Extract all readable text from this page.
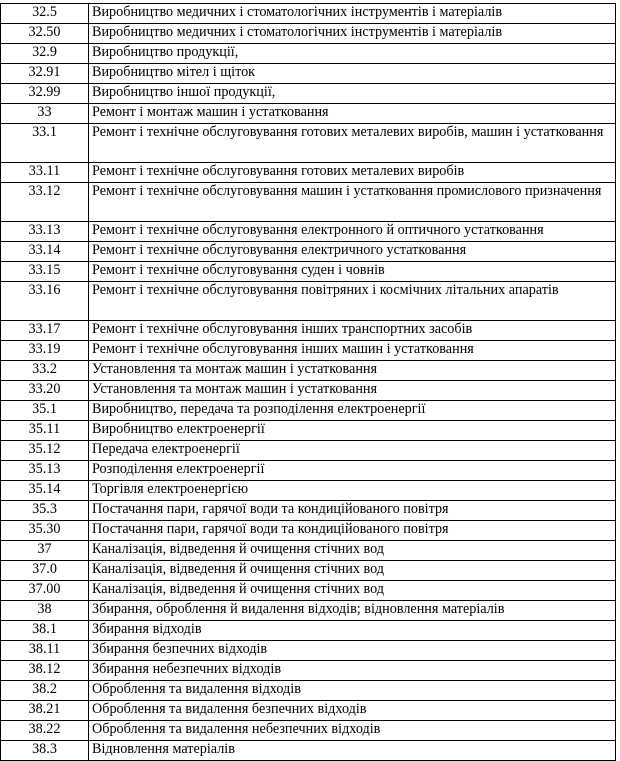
32.5	Виробництво медичних і стоматологічних інструментів і матеріалів
32.50	Виробництво медичних і стоматологічних інструментів і матеріалів
32.9	Виробництво продукції,
32.91	Виробництво мітел і щіток
32.99	Виробництво іншої продукції,
33	Ремонт і монтаж машин і устатковання
33.1	Ремонт і технічне обслуговування готових металевих виробів, машин і устатковання
33.11	Ремонт і технічне обслуговування готових металевих виробів
33.12	Ремонт і технічне обслуговування машин і устатковання промислового призначення
33.13	Ремонт і технічне обслуговування електронного й оптичного устатковання
33.14	Ремонт і технічне обслуговування електричного устатковання
33.15	Ремонт і технічне обслуговування суден і човнів
33.16	Ремонт і технічне обслуговування повітряних і космічних літальних апаратів
33.17	Ремонт і технічне обслуговування інших транспортних засобів
33.19	Ремонт і технічне обслуговування інших машин і устатковання
33.2	Установлення та монтаж машин і устатковання
33.20	Установлення та монтаж машин і устатковання
35.1	Виробництво, передача та розподілення електроенергії
35.11	Виробництво електроенергії
35.12	Передача електроенергії
35.13	Розподілення електроенергії
35.14	Торгівля електроенергією
35.3	Постачання пари, гарячої води та кондиційованого повітря
35.30	Постачання пари, гарячої води та кондиційованого повітря
37	Каналізація, відведення й очищення стічних вод
37.0	Каналізація, відведення й очищення стічних вод
37.00	Каналізація, відведення й очищення стічних вод
38	Збирання, оброблення й видалення відходів; відновлення матеріалів
38.1	Збирання відходів
38.11	Збирання безпечних відходів
38.12	Збирання небезпечних відходів
38.2	Оброблення та видалення відходів
38.21	Оброблення та видалення безпечних відходів
38.22	Оброблення та видалення небезпечних відходів
38.3	Відновлення матеріалів
